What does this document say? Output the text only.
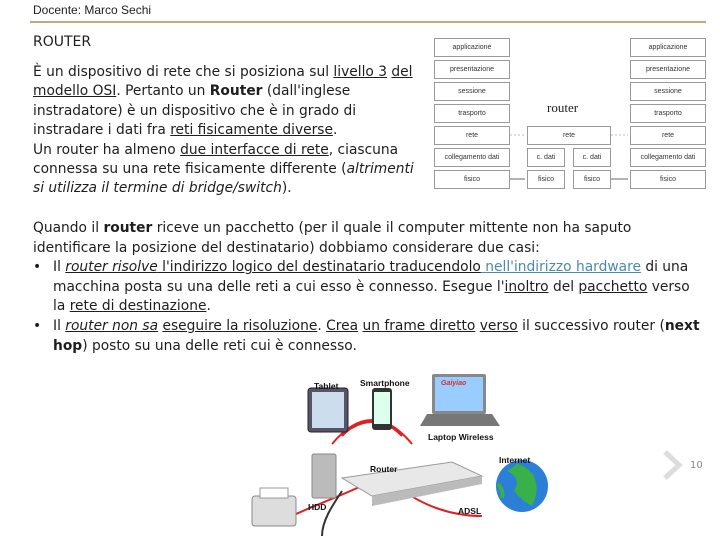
Docente: Marco Sechi
ROUTER
È un dispositivo di rete che si posiziona sul livello 3 del modello OSI. Pertanto un Router (dall'inglese instradatore) è un dispositivo che è in grado di instradare i dati fra reti fisicamente diverse.
Un router ha almeno due interfacce di rete, ciascuna connessa su una rete fisicamente differente (altrimenti si utilizza il termine di bridge/switch).
Quando il router riceve un pacchetto (per il quale il computer mittente non ha saputo identificare la posizione del destinatario) dobbiamo considerare due casi:
• Il router risolve l'indirizzo logico del destinatario traducendolo nell'indirizzo hardware di una macchina posta su una delle reti a cui esso è connesso. Esegue l'inoltro del pacchetto verso la rete di destinazione.
• Il router non sa eseguire la risoluzione. Crea un frame diretto verso il successivo router (next hop) posto su una delle reti cui è connesso.
applicazione
presentazione
sessione
trasporto
rete
collegamento dati
fisico
applicazione
presentazione
sessione
trasporto
rete
collegamento dati
fisico
router
rete
c. dati	c. dati
fisico	fisico
Tablet	Smartphone
Laptop Wireless
Internet
Router
HDD	ADSL
Gaiyiao
10
